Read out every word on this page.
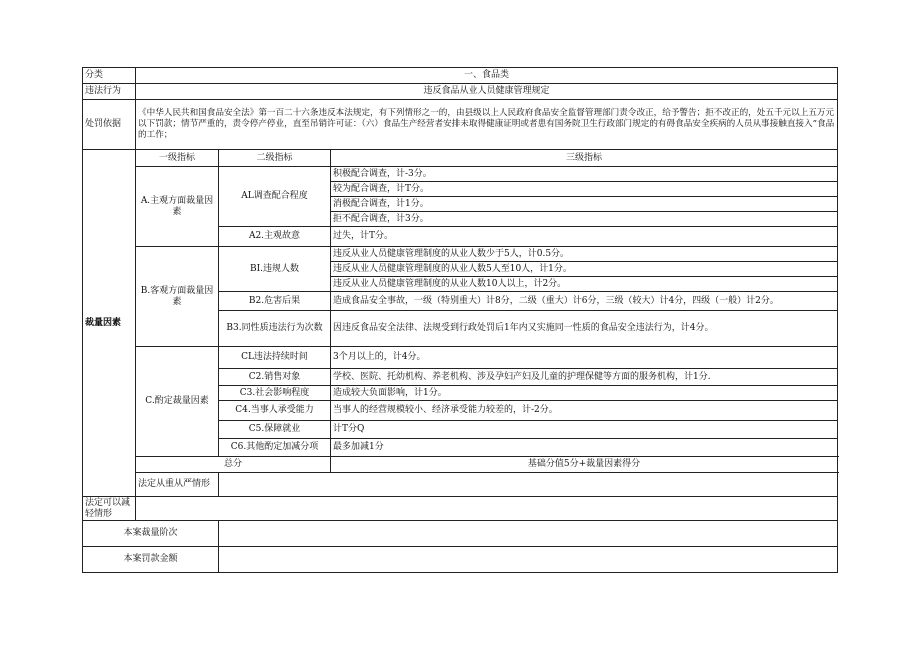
分类	一、食品类		
违法行为	违反食品从业人员健康管理规定		
处罚依据	《中华人民共和国食品安全法》第一百二十六条违反本法规定，有下列情形之一的，由县级以上人民政府食品安全监督管理部门责令改正，给予警告；拒不改正的，处五千元以上五万元以下罚款；情节严重的，责令停产停业，直至吊销许可证：（六）食品生产经营者安排未取得健康证明或者患有国务院卫生行政部门规定的有碍食品安全疾病的人员从事接触直接入”食品的工作；		
裁量因素	一级指标	二级指标	三级指标
	A.主观方面裁量因素	AL调查配合程度	积极配合调查，计-3分。
			较为配合调查，计T分。
			消极配合调查，计1分。
			拒不配合调查，计3分。
		A2.主观故意	过失，计T分。
	B.客观方面裁量因素	BI.违规人数	违反从业人员健康管理制度的从业人数少于5人，计0.5分。
			违反从业人员健康管理制度的从业人数5人至10人，计1分。
			违反从业人员健康管理制度的从业人数10人以上，计2分。
		B2.危害后果	造成食品安全事故，一级（特别重大）计8分，二级（重大）计6分，三级（较大）计4分，四级（一般）计2分。
		B3.同性质违法行为次数	因违反食品安全法律、法规受到行政处罚后1年内又实施同一性质的食品安全违法行为，计4分。
	C.酌定裁量因素	CL违法持续时间	3个月以上的，计4分。
		C2.销售对象	学校、医院、托幼机构、养老机构、涉及孕妇产妇及儿童的护理保健等方面的服务机构，计1分.
		C3.社会影响程度	造成较大负面影响，计1分。
		C4.当事人承受能力	当事人的经营规模较小、经济承受能力较差的，计-2分。
		C5.保障就业	计T分Q
		C6.其他酌定加减分项	最多加减1分
	总分		基础分值5分+裁量因素得分
	法定从重从严情形		
法定可以减轻情形			
本案裁量阶次			
本案罚款金额			
